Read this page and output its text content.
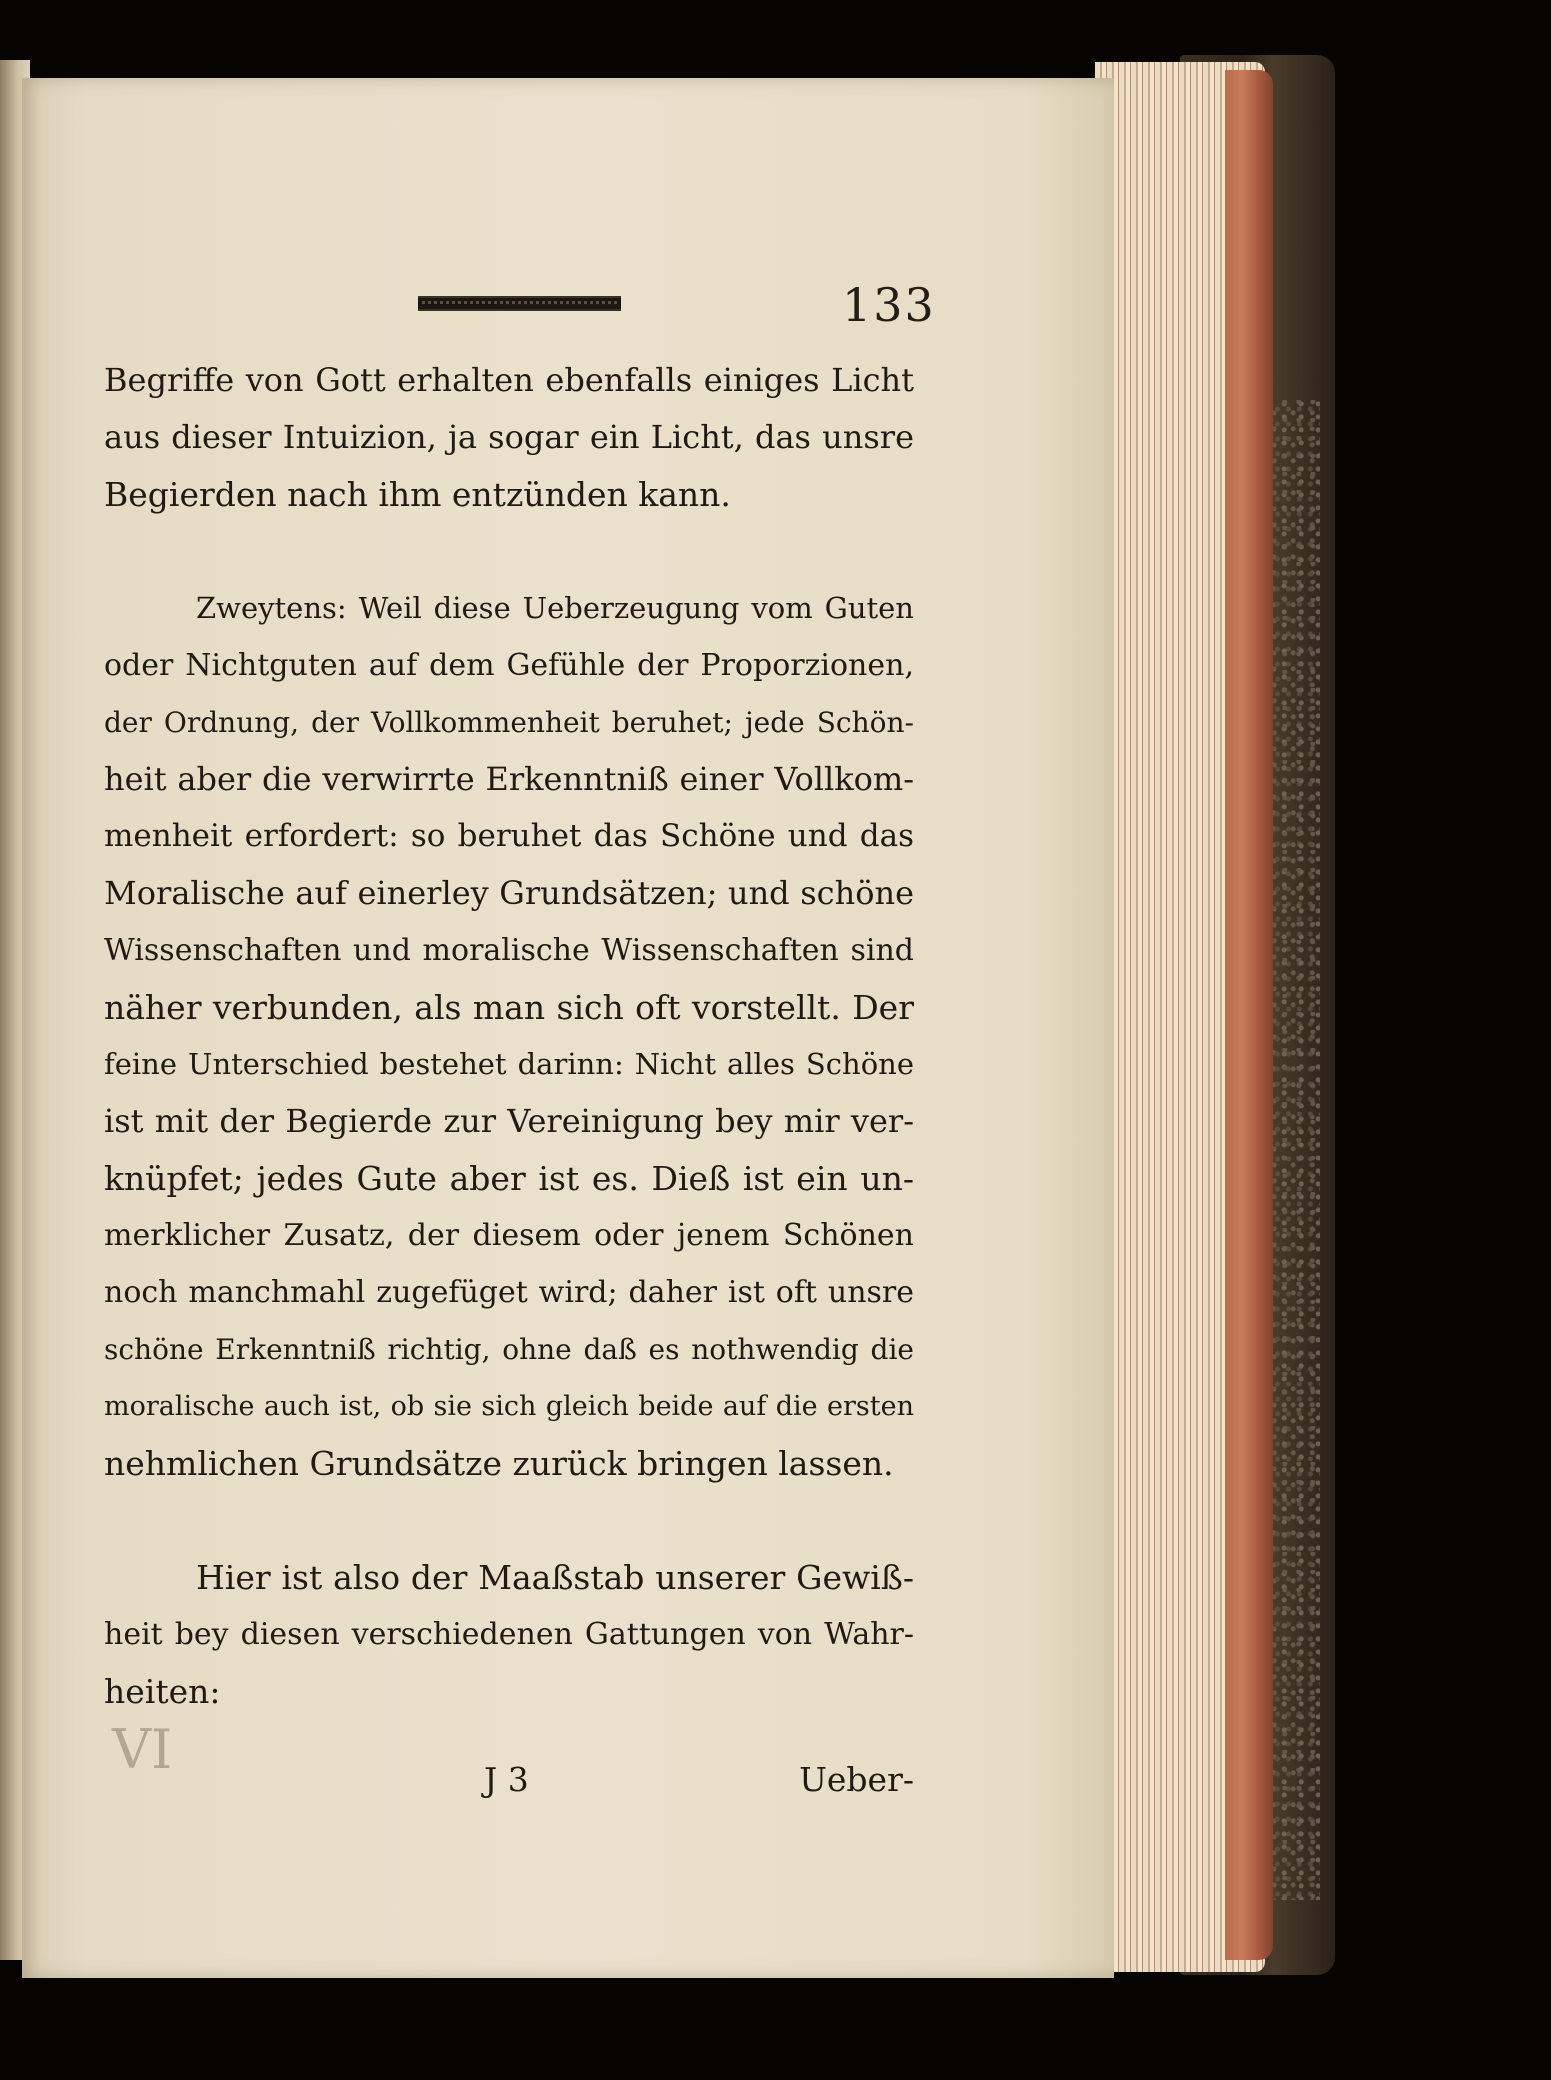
133
Begriffe von Gott erhalten ebenfalls einiges Licht
aus dieser Intuizion, ja sogar ein Licht, das unsre
Begierden nach ihm entzünden kann.
Zweytens: Weil diese Ueberzeugung vom Guten
oder Nichtguten auf dem Gefühle der Proporzionen,
der Ordnung, der Vollkommenheit beruhet; jede Schön-
heit aber die verwirrte Erkenntniß einer Vollkom-
menheit erfordert: so beruhet das Schöne und das
Moralische auf einerley Grundsätzen; und schöne
Wissenschaften und moralische Wissenschaften sind
näher verbunden, als man sich oft vorstellt. Der
feine Unterschied bestehet darinn: Nicht alles Schöne
ist mit der Begierde zur Vereinigung bey mir ver-
knüpfet; jedes Gute aber ist es. Dieß ist ein un-
merklicher Zusatz, der diesem oder jenem Schönen
noch manchmahl zugefüget wird; daher ist oft unsre
schöne Erkenntniß richtig, ohne daß es nothwendig die
moralische auch ist, ob sie sich gleich beide auf die ersten
nehmlichen Grundsätze zurück bringen lassen.
Hier ist also der Maaßstab unserer Gewiß-
heit bey diesen verschiedenen Gattungen von Wahr-
heiten:
VI	J 3	Ueber-
